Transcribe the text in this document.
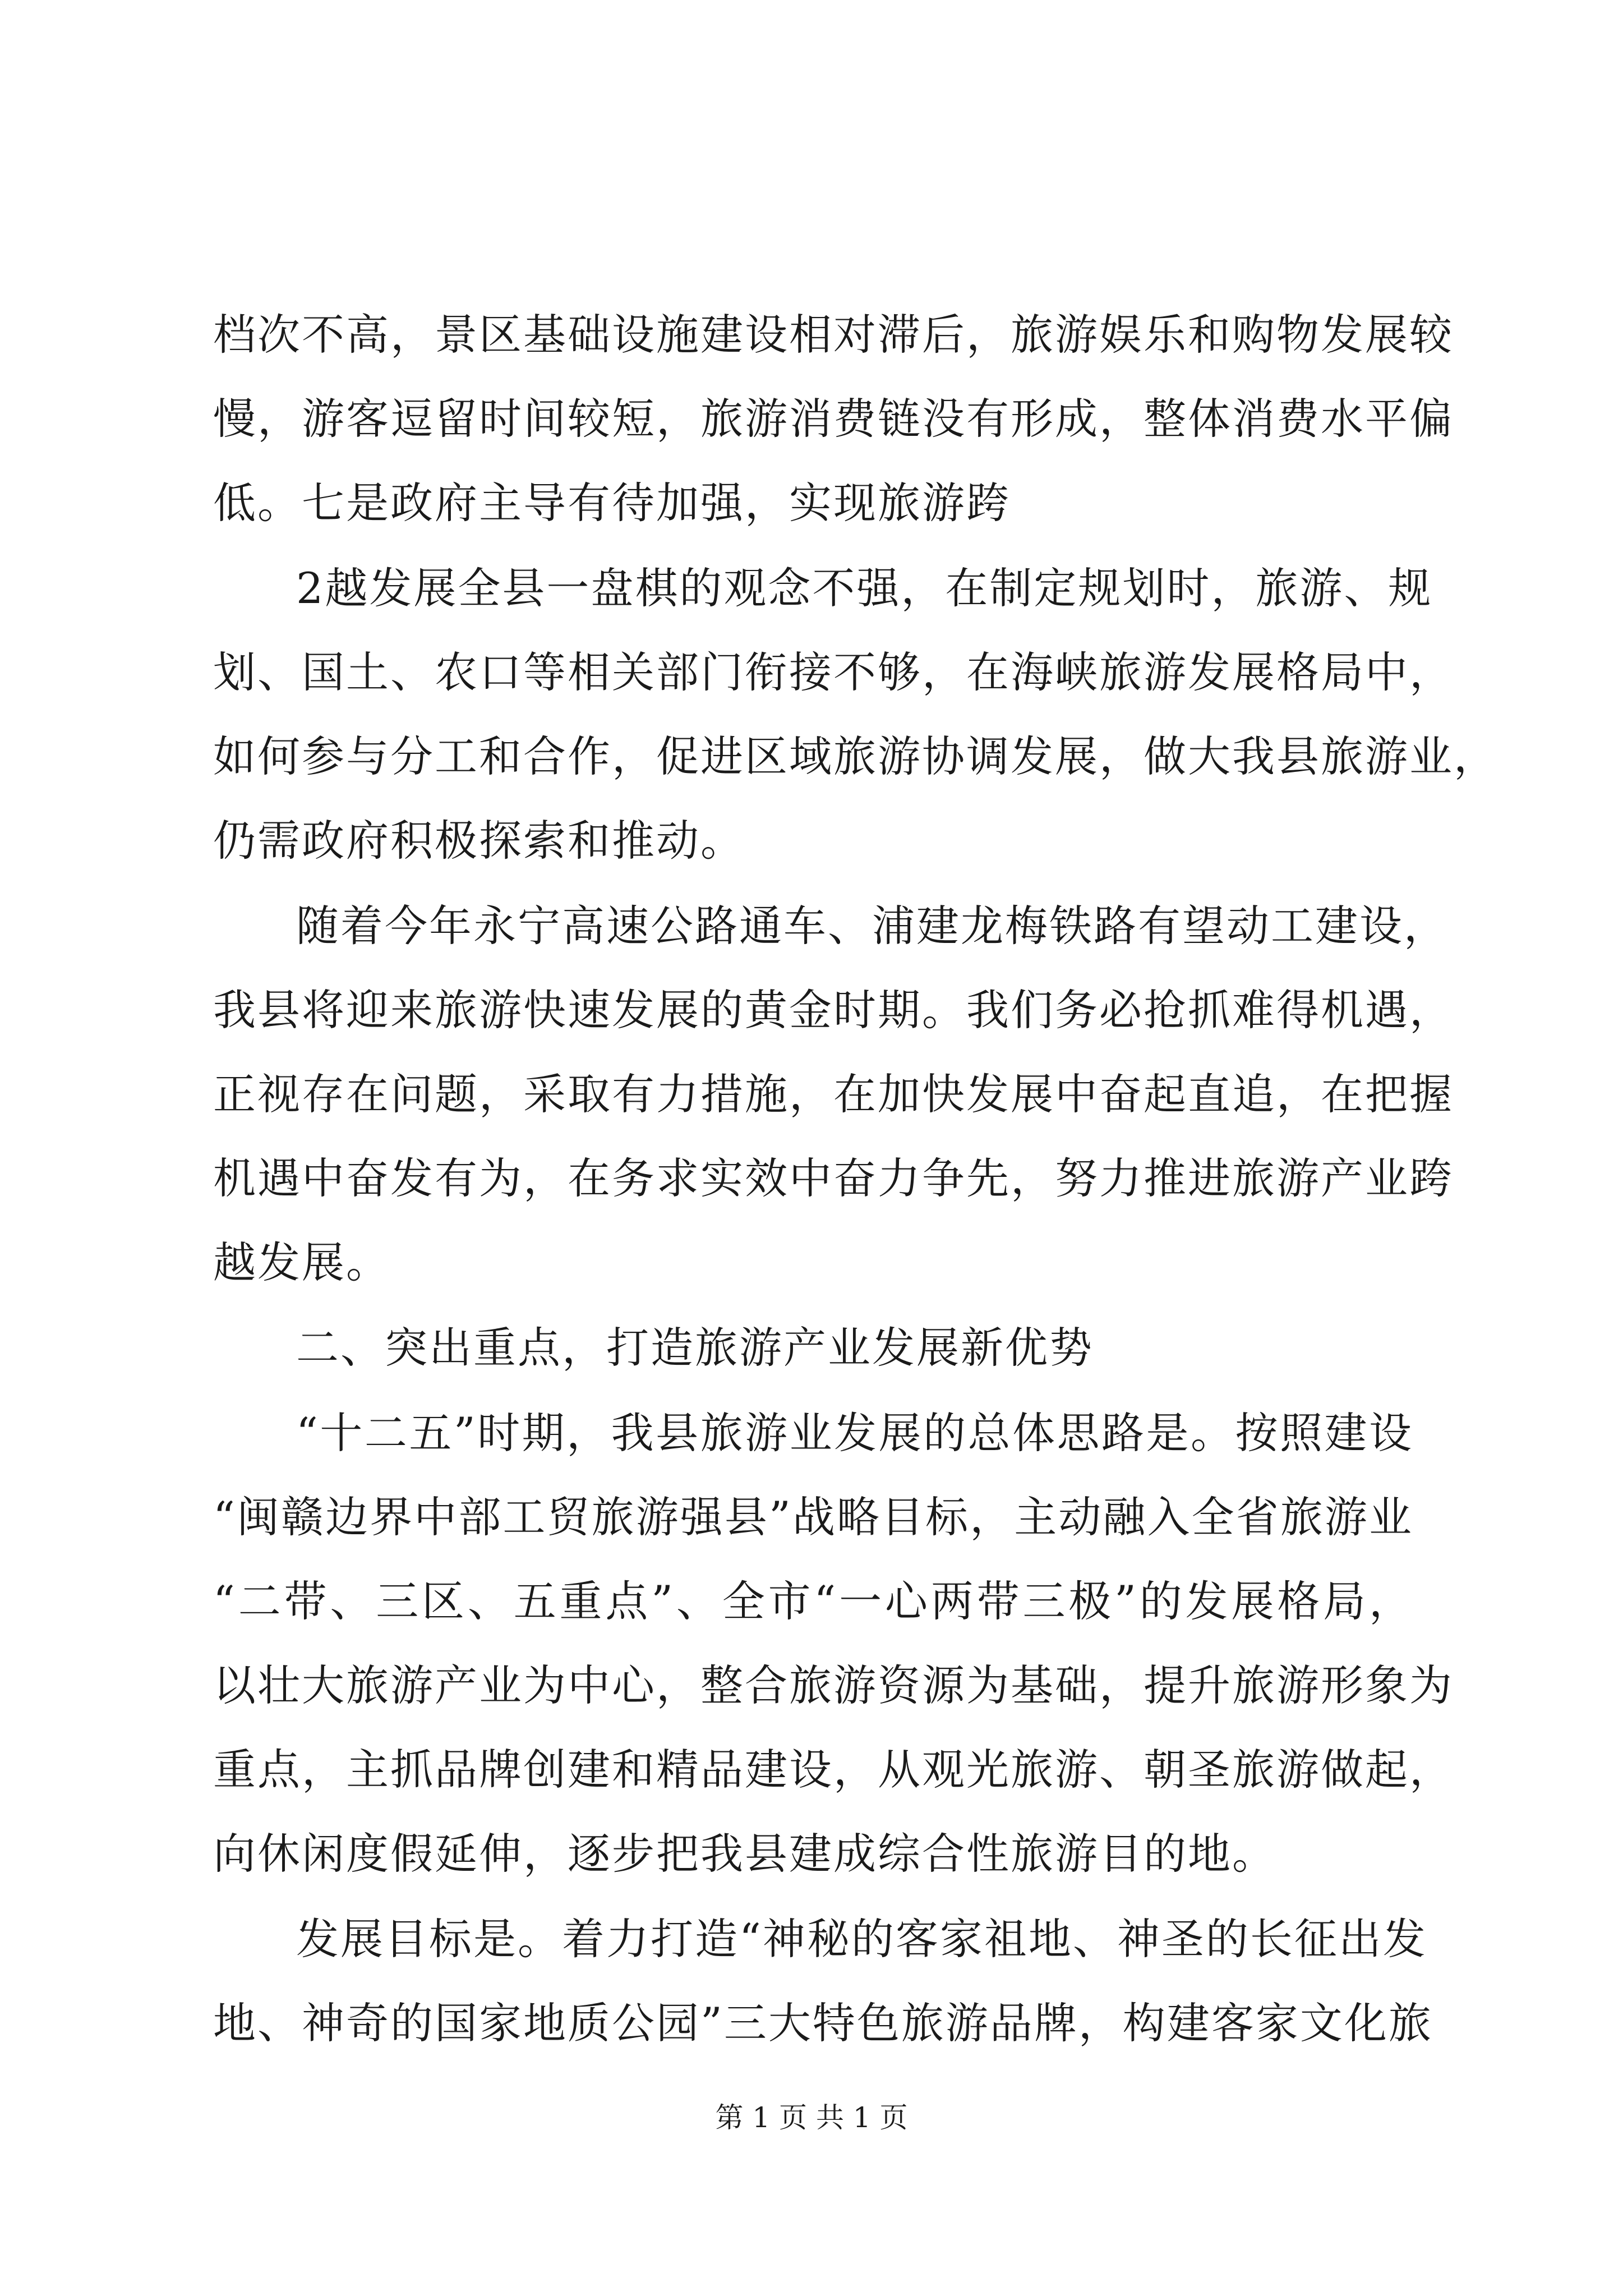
档次不高，景区基础设施建设相对滞后，旅游娱乐和购物发展较
慢，游客逗留时间较短，旅游消费链没有形成，整体消费水平偏
低。七是政府主导有待加强，实现旅游跨
2越发展全县一盘棋的观念不强，在制定规划时，旅游、规
划、国土、农口等相关部门衔接不够，在海峡旅游发展格局中，
如何参与分工和合作，促进区域旅游协调发展，做大我县旅游业，
仍需政府积极探索和推动。
随着今年永宁高速公路通车、浦建龙梅铁路有望动工建设，
我县将迎来旅游快速发展的黄金时期。我们务必抢抓难得机遇，
正视存在问题，采取有力措施，在加快发展中奋起直追，在把握
机遇中奋发有为，在务求实效中奋力争先，努力推进旅游产业跨
越发展。
二、突出重点，打造旅游产业发展新优势
“十二五”时期，我县旅游业发展的总体思路是。按照建设
“闽赣边界中部工贸旅游强县”战略目标，主动融入全省旅游业
“二带、三区、五重点”、全市“一心两带三极”的发展格局，
以壮大旅游产业为中心，整合旅游资源为基础，提升旅游形象为
重点，主抓品牌创建和精品建设，从观光旅游、朝圣旅游做起，
向休闲度假延伸，逐步把我县建成综合性旅游目的地。
发展目标是。着力打造“神秘的客家祖地、神圣的长征出发
地、神奇的国家地质公园”三大特色旅游品牌，构建客家文化旅
第 1 页 共 1 页
